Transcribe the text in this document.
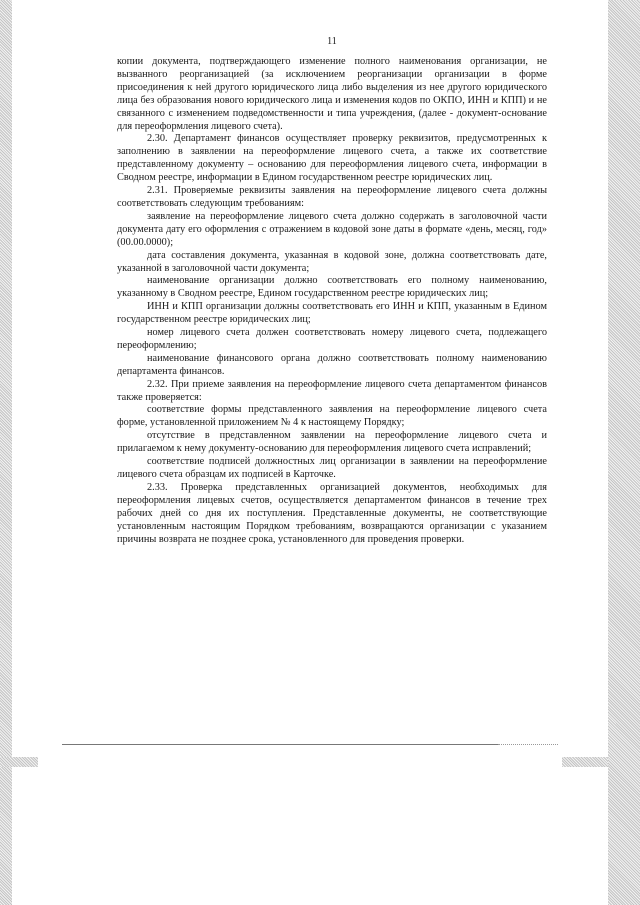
11

копии документа, подтверждающего изменение полного наименования организации, не вызванного реорганизацией (за исключением реорганизации организации в форме присоединения к ней другого юридического лица либо выделения из нее другого юридического лица без образования нового юридического лица и изменения кодов по ОКПО, ИНН и КПП) и не связанного с изменением подведомственности и типа учреждения, (далее - документ-основание для переоформления лицевого счета).

2.30. Департамент финансов осуществляет проверку реквизитов, предусмотренных к заполнению в заявлении на переоформление лицевого счета, а также их соответствие представленному документу – основанию для переоформления лицевого счета, информации в Сводном реестре, информации в Едином государственном реестре юридических лиц.

2.31. Проверяемые реквизиты заявления на переоформление лицевого счета должны соответствовать следующим требованиям:

заявление на переоформление лицевого счета должно содержать в заголовочной части документа дату его оформления с отражением в кодовой зоне даты в формате «день, месяц, год» (00.00.0000);

дата составления документа, указанная в кодовой зоне, должна соответствовать дате, указанной в заголовочной части документа;

наименование организации должно соответствовать его полному наименованию, указанному в Сводном реестре, Едином государственном реестре юридических лиц;

ИНН и КПП организации должны соответствовать его ИНН и КПП, указанным в Едином государственном реестре юридических лиц;

номер лицевого счета должен соответствовать номеру лицевого счета, подлежащего переоформлению;

наименование финансового органа должно соответствовать полному наименованию департамента финансов.

2.32. При приеме заявления на переоформление лицевого счета департаментом финансов также проверяется:

соответствие формы представленного заявления на переоформление лицевого счета форме, установленной приложением № 4 к настоящему Порядку;

отсутствие в представленном заявлении на переоформление лицевого счета и прилагаемом к нему документу-основанию для переоформления лицевого счета исправлений;

соответствие подписей должностных лиц организации в заявлении на переоформление лицевого счета образцам их подписей в Карточке.

2.33. Проверка представленных организацией документов, необходимых для переоформления лицевых счетов, осуществляется департаментом финансов в течение трех рабочих дней со дня их поступления. Представленные документы, не соответствующие установленным настоящим Порядком требованиям, возвращаются организации с указанием причины возврата не позднее срока, установленного для проведения проверки.
